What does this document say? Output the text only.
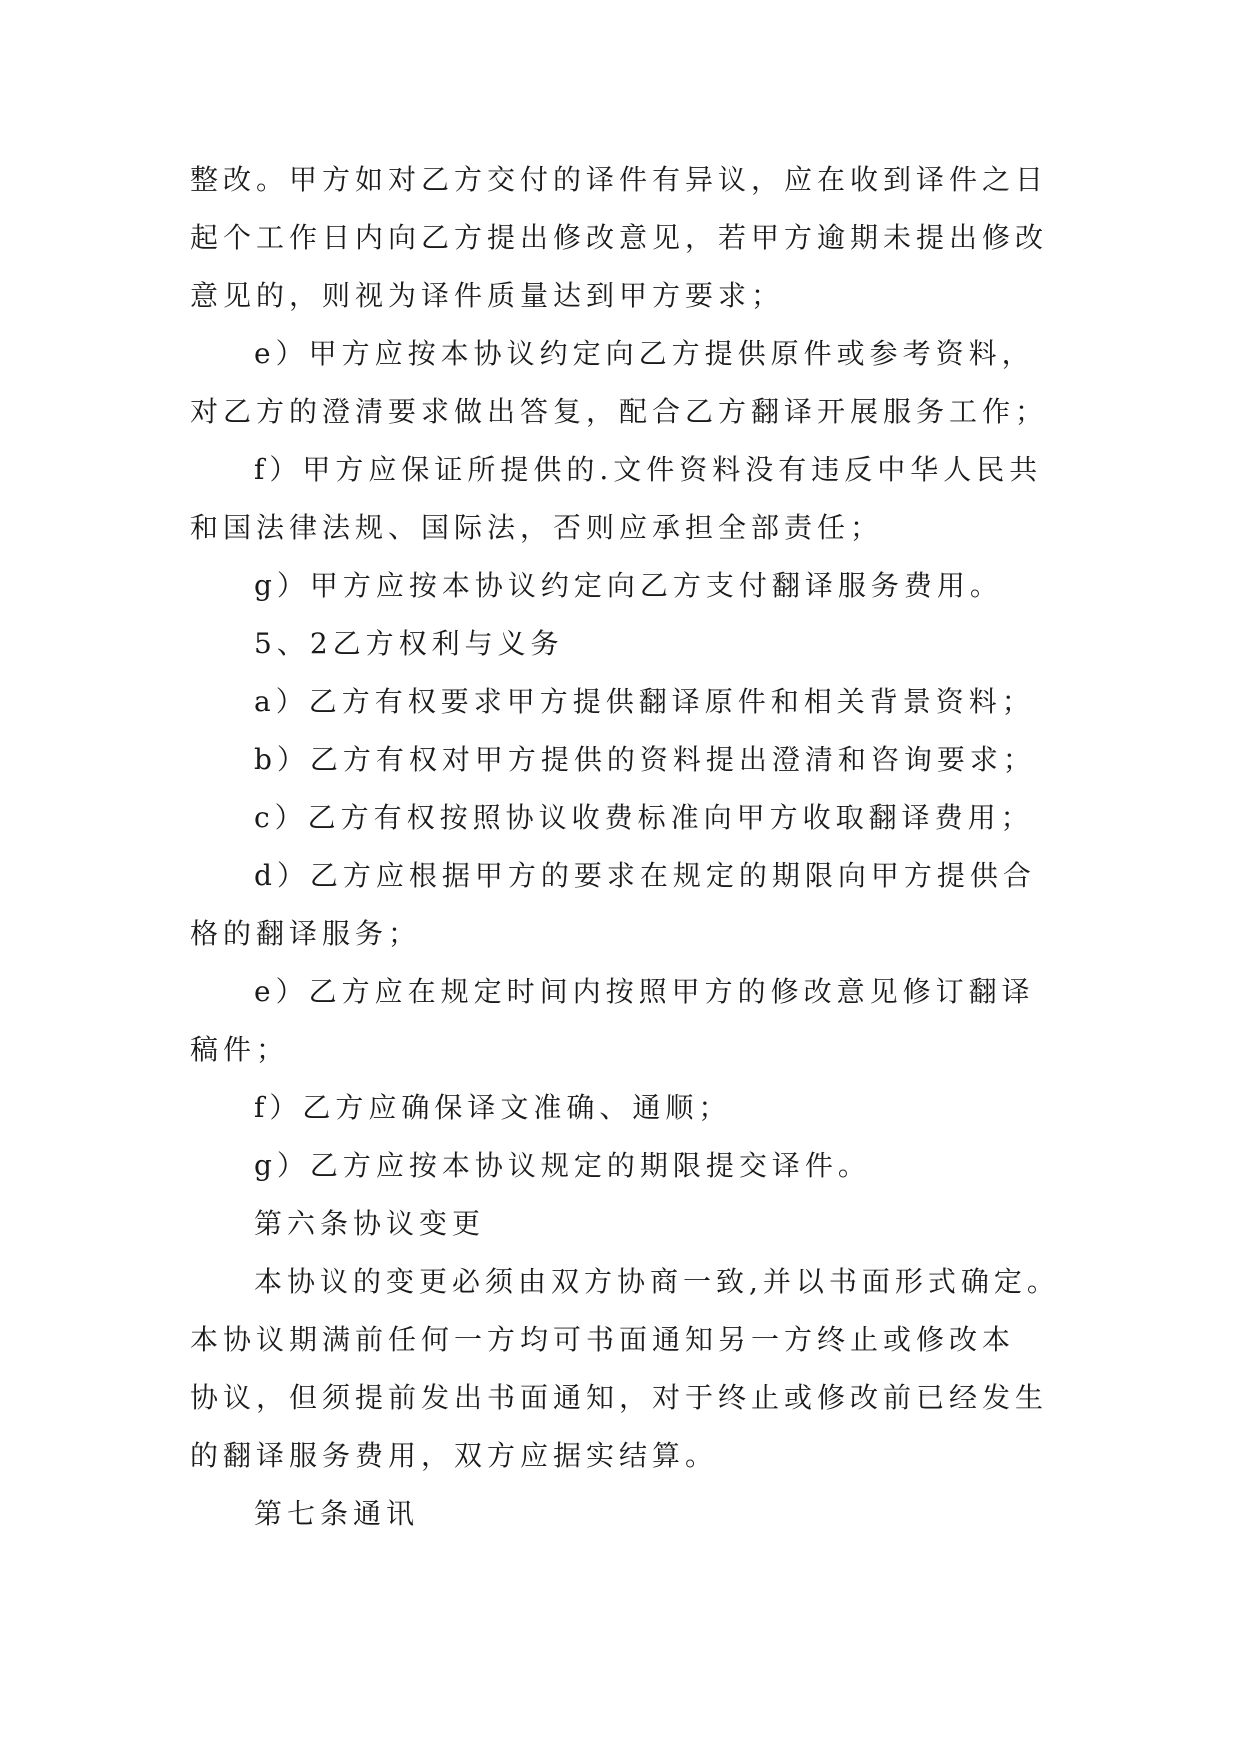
整改。甲方如对乙方交付的译件有异议，应在收到译件之日
起个工作日内向乙方提出修改意见，若甲方逾期未提出修改
意见的，则视为译件质量达到甲方要求；
e）甲方应按本协议约定向乙方提供原件或参考资料，
对乙方的澄清要求做出答复，配合乙方翻译开展服务工作；
f）甲方应保证所提供的.文件资料没有违反中华人民共
和国法律法规、国际法，否则应承担全部责任；
g）甲方应按本协议约定向乙方支付翻译服务费用。
5、2乙方权利与义务
a）乙方有权要求甲方提供翻译原件和相关背景资料；
b）乙方有权对甲方提供的资料提出澄清和咨询要求；
c）乙方有权按照协议收费标准向甲方收取翻译费用；
d）乙方应根据甲方的要求在规定的期限向甲方提供合
格的翻译服务；
e）乙方应在规定时间内按照甲方的修改意见修订翻译
稿件；
f）乙方应确保译文准确、通顺；
g）乙方应按本协议规定的期限提交译件。
第六条协议变更
本协议的变更必须由双方协商一致,并以书面形式确定。
本协议期满前任何一方均可书面通知另一方终止或修改本
协议，但须提前发出书面通知，对于终止或修改前已经发生
的翻译服务费用，双方应据实结算。
第七条通讯
